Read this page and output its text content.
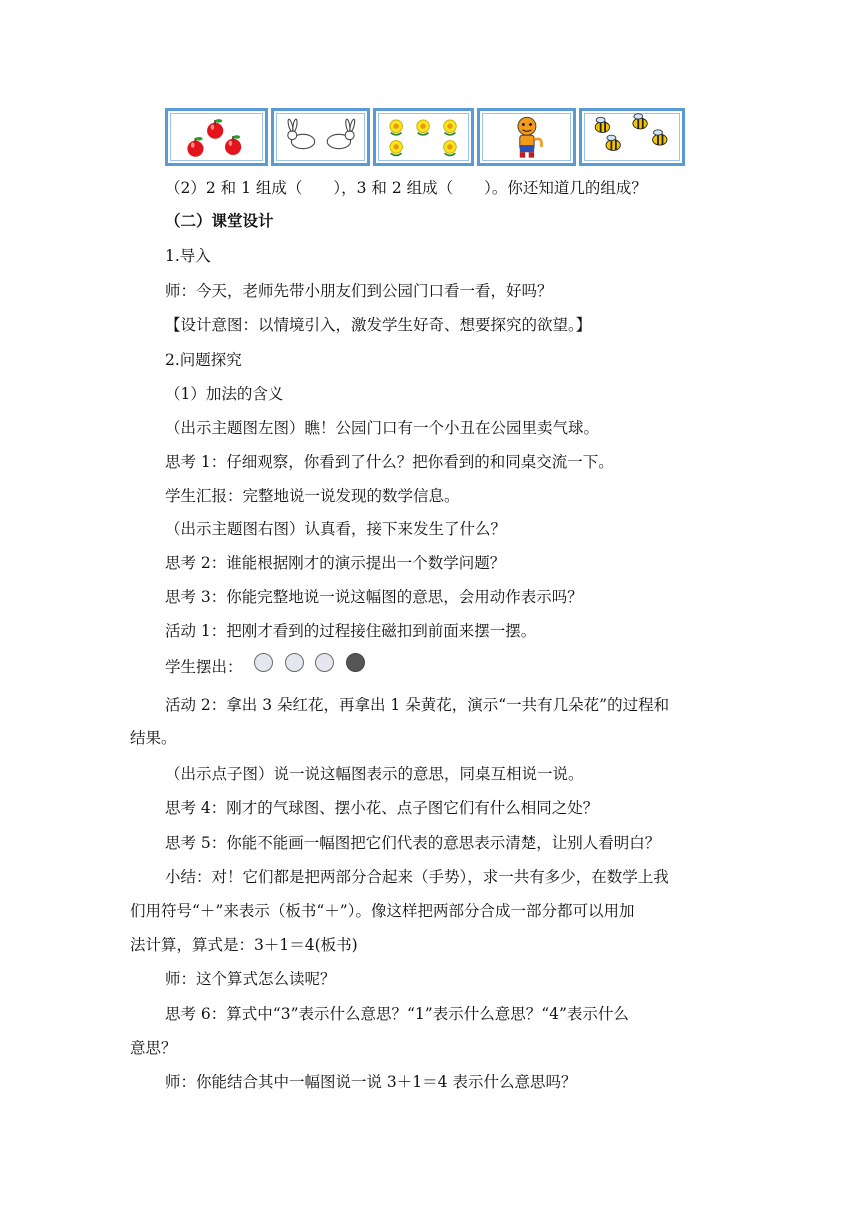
（2）2 和 1 组成（　　），3 和 2 组成（　　）。你还知道几的组成？
（二）课堂设计
1.导入
师：今天，老师先带小朋友们到公园门口看一看，好吗？
【设计意图：以情境引入，激发学生好奇、想要探究的欲望。】
2.问题探究
（1）加法的含义
（出示主题图左图）瞧！公园门口有一个小丑在公园里卖气球。
思考 1：仔细观察，你看到了什么？把你看到的和同桌交流一下。
学生汇报：完整地说一说发现的数学信息。
（出示主题图右图）认真看，接下来发生了什么？
思考 2：谁能根据刚才的演示提出一个数学问题？
思考 3：你能完整地说一说这幅图的意思，会用动作表示吗？
活动 1：把刚才看到的过程接住磁扣到前面来摆一摆。
学生摆出：
活动 2：拿出 3 朵红花，再拿出 1 朵黄花，演示“一共有几朵花”的过程和
结果。
（出示点子图）说一说这幅图表示的意思，同桌互相说一说。
思考 4：刚才的气球图、摆小花、点子图它们有什么相同之处？
思考 5：你能不能画一幅图把它们代表的意思表示清楚，让别人看明白？
小结：对！它们都是把两部分合起来（手势），求一共有多少，在数学上我
们用符号“＋”来表示（板书“＋”）。像这样把两部分合成一部分都可以用加
法计算，算式是：3＋1＝4(板书)
师：这个算式怎么读呢？
思考 6：算式中“3”表示什么意思？“1”表示什么意思？“4”表示什么
意思？
师：你能结合其中一幅图说一说 3＋1＝4 表示什么意思吗？
